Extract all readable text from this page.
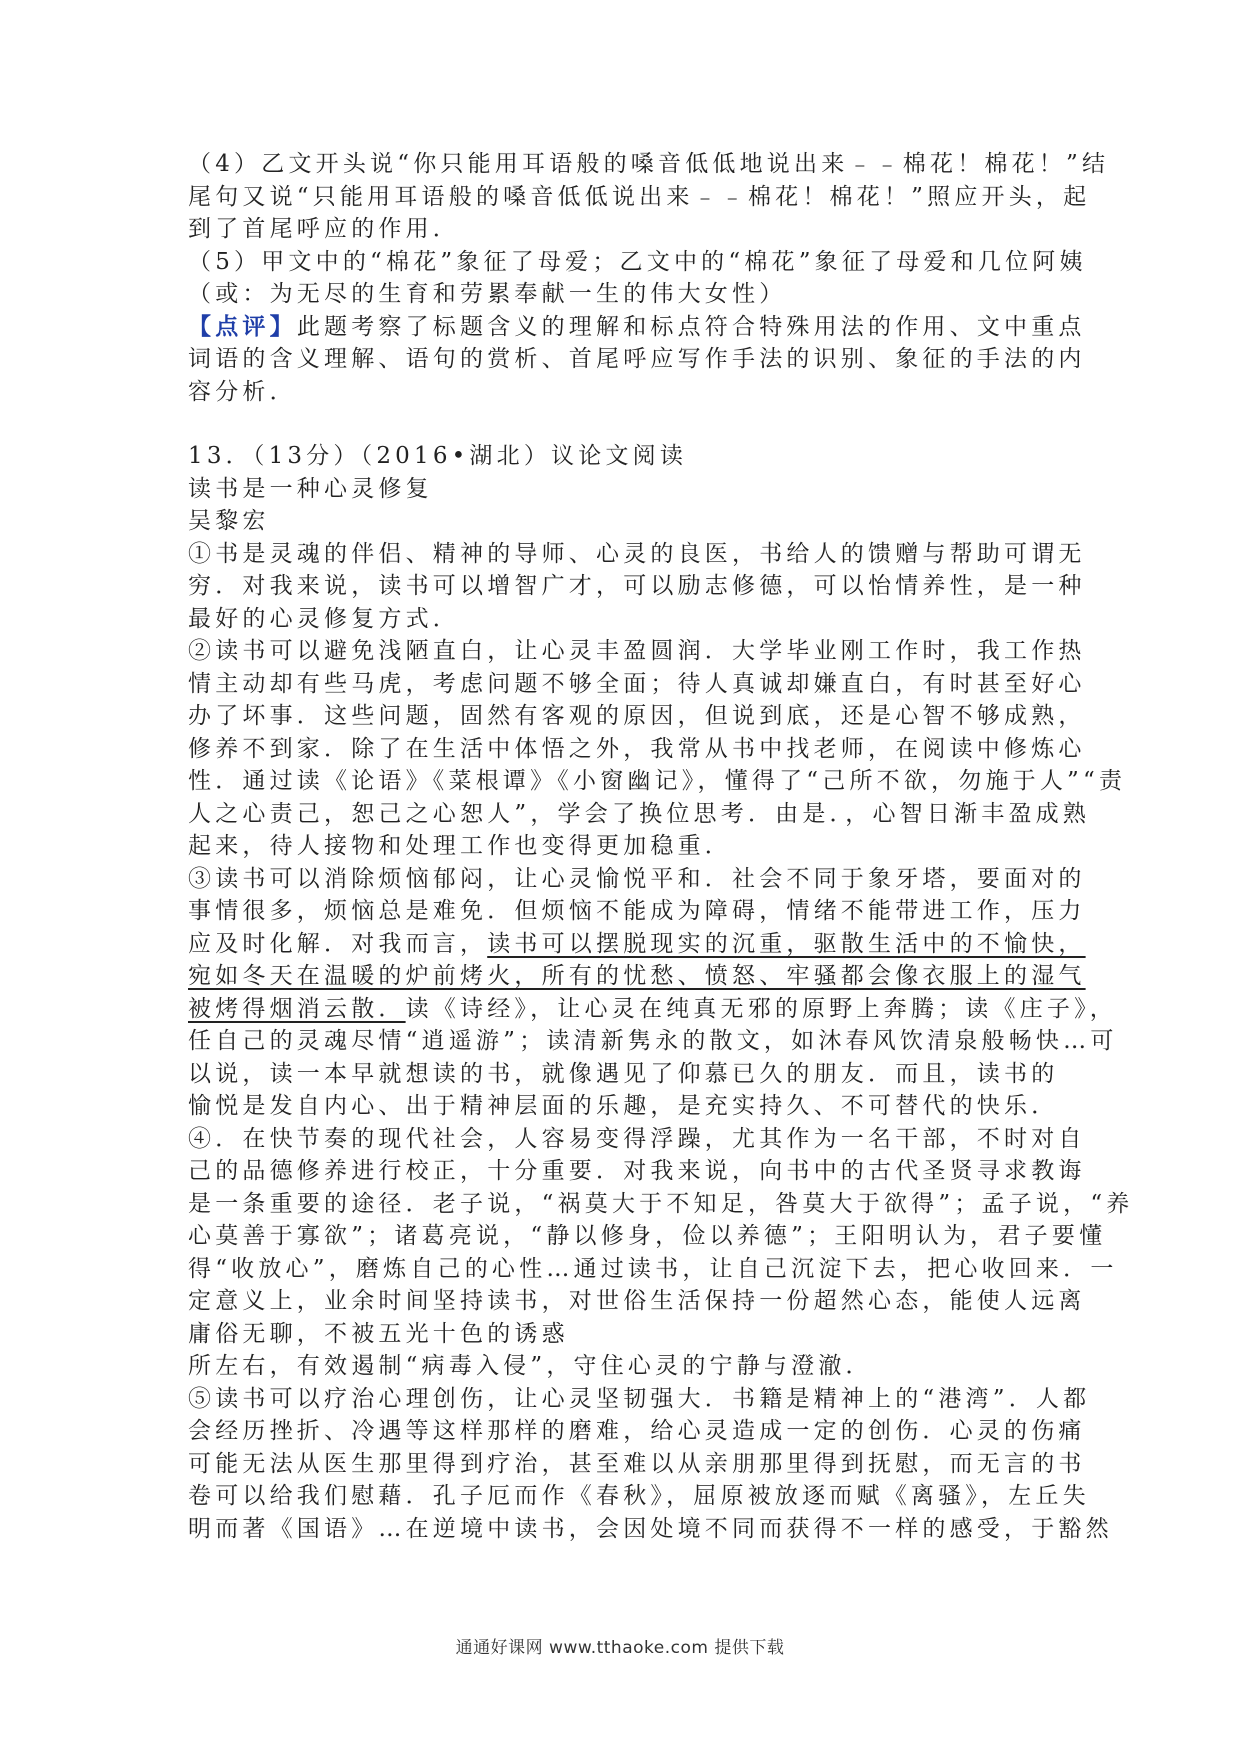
（4）乙文开头说“你只能用耳语般的嗓音低低地说出来﹣﹣棉花！棉花！”结
尾句又说“只能用耳语般的嗓音低低说出来﹣﹣棉花！棉花！”照应开头，起
到了首尾呼应的作用．
（5）甲文中的“棉花”象征了母爱；乙文中的“棉花”象征了母爱和几位阿姨
（或：为无尽的生育和劳累奉献一生的伟大女性）
【点评】此题考察了标题含义的理解和标点符合特殊用法的作用、文中重点
词语的含义理解、语句的赏析、首尾呼应写作手法的识别、象征的手法的内
容分析．
13．（13分）（2016•湖北）议论文阅读
读书是一种心灵修复
吴黎宏
①书是灵魂的伴侣、精神的导师、心灵的良医，书给人的馈赠与帮助可谓无
穷．对我来说，读书可以增智广才，可以励志修德，可以怡情养性，是一种
最好的心灵修复方式．
②读书可以避免浅陋直白，让心灵丰盈圆润．大学毕业刚工作时，我工作热
情主动却有些马虎，考虑问题不够全面；待人真诚却嫌直白，有时甚至好心
办了坏事．这些问题，固然有客观的原因，但说到底，还是心智不够成熟，
修养不到家．除了在生活中体悟之外，我常从书中找老师，在阅读中修炼心
性．通过读《论语》《菜根谭》《小窗幽记》，懂得了“己所不欲，勿施于人”“责
人之心责己，恕己之心恕人”，学会了换位思考．由是．，心智日渐丰盈成熟
起来，待人接物和处理工作也变得更加稳重．
③读书可以消除烦恼郁闷，让心灵愉悦平和．社会不同于象牙塔，要面对的
事情很多，烦恼总是难免．但烦恼不能成为障碍，情绪不能带进工作，压力
应及时化解．对我而言，读书可以摆脱现实的沉重，驱散生活中的不愉快，
宛如冬天在温暖的炉前烤火，所有的忧愁、愤怒、牢骚都会像衣服上的湿气
被烤得烟消云散．读《诗经》，让心灵在纯真无邪的原野上奔腾；读《庄子》，
任自己的灵魂尽情“逍遥游”；读清新隽永的散文，如沐春风饮清泉般畅快…可
以说，读一本早就想读的书，就像遇见了仰慕已久的朋友．而且，读书的
愉悦是发自内心、出于精神层面的乐趣，是充实持久、不可替代的快乐．
④．在快节奏的现代社会，人容易变得浮躁，尤其作为一名干部，不时对自
己的品德修养进行校正，十分重要．对我来说，向书中的古代圣贤寻求教诲
是一条重要的途径．老子说，“祸莫大于不知足，咎莫大于欲得”；孟子说，“养
心莫善于寡欲”；诸葛亮说，“静以修身，俭以养德”；王阳明认为，君子要懂
得“收放心”，磨炼自己的心性…通过读书，让自己沉淀下去，把心收回来．一
定意义上，业余时间坚持读书，对世俗生活保持一份超然心态，能使人远离
庸俗无聊，不被五光十色的诱惑
所左右，有效遏制“病毒入侵”，守住心灵的宁静与澄澈．
⑤读书可以疗治心理创伤，让心灵坚韧强大．书籍是精神上的“港湾”．人都
会经历挫折、冷遇等这样那样的磨难，给心灵造成一定的创伤．心灵的伤痛
可能无法从医生那里得到疗治，甚至难以从亲朋那里得到抚慰，而无言的书
卷可以给我们慰藉．孔子厄而作《春秋》，屈原被放逐而赋《离骚》，左丘失
明而著《国语》…在逆境中读书，会因处境不同而获得不一样的感受，于豁然
通通好课网 www.tthaoke.com 提供下载
